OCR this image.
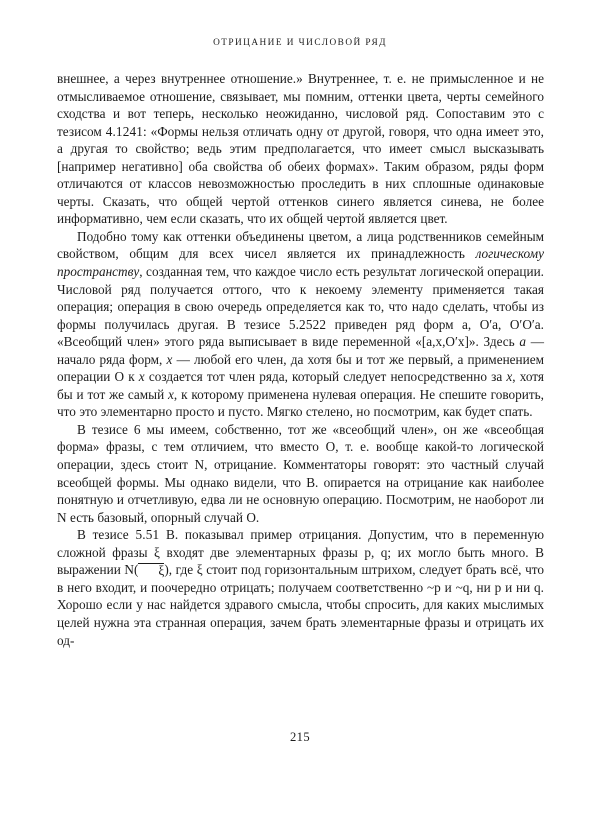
ОТРИЦАНИЕ И ЧИСЛОВОЙ РЯД

внешнее, а через внутреннее отношение.» Внутреннее, т. е. не примысленное и не отмысливаемое отношение, связывает, мы помним, оттенки цвета, черты семейного сходства и вот теперь, несколько неожиданно, числовой ряд. Сопоставим это с тезисом 4.1241: «Формы нельзя отличать одну от другой, говоря, что одна имеет это, а другая то свойство; ведь этим предполагается, что имеет смысл высказывать [например негативно] оба свойства об обеих формах». Таким образом, ряды форм отличаются от классов невозможностью проследить в них сплошные одинаковые черты. Сказать, что общей чертой оттенков синего является синева, не более информативно, чем если сказать, что их общей чертой является цвет.

Подобно тому как оттенки объединены цветом, а лица родственников семейным свойством, общим для всех чисел является их принадлежность логическому пространству, созданная тем, что каждое число есть результат логической операции. Числовой ряд получается оттого, что к некоему элементу применяется такая операция; операция в свою очередь определяется как то, что надо сделать, чтобы из формы получилась другая. В тезисе 5.2522 приведен ряд форм a, O′a, O′O′a. «Всеобщий член» этого ряда выписывает в виде переменной «[a,x,O′x]». Здесь a — начало ряда форм, x — любой его член, да хотя бы и тот же первый, а применением операции О к x создается тот член ряда, который следует непосредственно за x, хотя бы и тот же самый x, к которому применена нулевая операция. Не спешите говорить, что это элементарно просто и пусто. Мягко стелено, но посмотрим, как будет спать.

В тезисе 6 мы имеем, собственно, тот же «всеобщий член», он же «всеобщая форма» фразы, с тем отличием, что вместо О, т. е. вообще какой-то логической операции, здесь стоит N, отрицание. Комментаторы говорят: это частный случай всеобщей формы. Мы однако видели, что В. опирается на отрицание как наиболее понятную и отчетливую, едва ли не основную операцию. Посмотрим, не наоборот ли N есть базовый, опорный случай О.

В тезисе 5.51 В. показывал пример отрицания. Допустим, что в переменную сложной фразы ξ входят две элементарных фразы p, q; их могло быть много. В выражении N( ξ), где ξ стоит под горизонтальным штрихом, следует брать всё, что в него входит, и поочередно отрицать; получаем соответственно ~p и ~q, ни p и ни q. Хорошо если у нас найдется здравого смысла, чтобы спросить, для каких мыслимых целей нужна эта странная операция, зачем брать элементарные фразы и отрицать их од-

215
